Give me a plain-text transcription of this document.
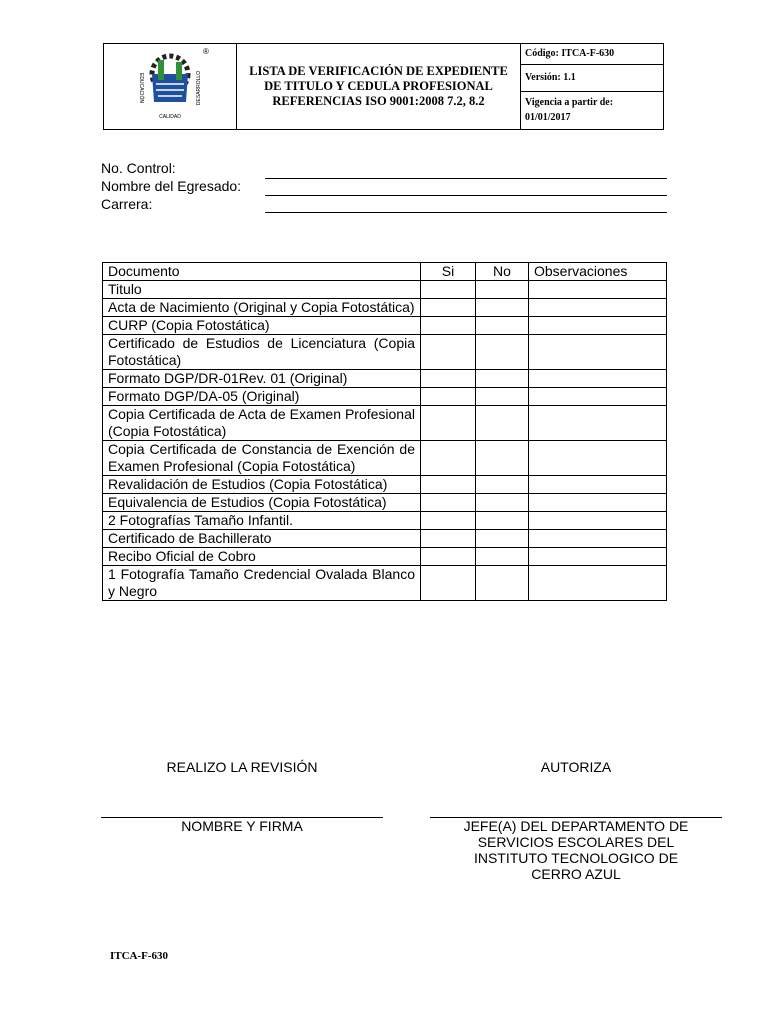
®
EDUCACIÓN	DESARROLLO
CALIDAD

LISTA DE VERIFICACIÓN DE EXPEDIENTE
DE TITULO Y CEDULA PROFESIONAL
REFERENCIAS ISO 9001:2008 7.2, 8.2
	Código: ITCA-F-630
Versión: 1.1

Vigencia a partir de:
01/01/2017
No. Control:
Nombre del Egresado:
Carrera:
Documento	Si	No	Observaciones
Titulo			
Acta de Nacimiento (Original y Copia Fotostática)			
CURP (Copia Fotostática)			
Certificado de Estudios de Licenciatura (Copia Fotostática)			
Formato DGP/DR-01Rev. 01 (Original)			
Formato DGP/DA-05 (Original)			
Copia Certificada de Acta de Examen Profesional (Copia Fotostática)			
Copia Certificada de Constancia de Exención de Examen Profesional (Copia Fotostática)			
Revalidación de Estudios (Copia Fotostática)			
Equivalencia de Estudios (Copia Fotostática)			
2 Fotografías Tamaño Infantil.			
Certificado de Bachillerato			
Recibo Oficial de Cobro			
1 Fotografía Tamaño Credencial Ovalada Blanco y Negro			
REALIZO LA REVISIÓN	AUTORIZA
NOMBRE Y FIRMA	JEFE(A) DEL DEPARTAMENTO DE
SERVICIOS ESCOLARES DEL
INSTITUTO TECNOLOGICO DE
CERRO AZUL
ITCA-F-630
